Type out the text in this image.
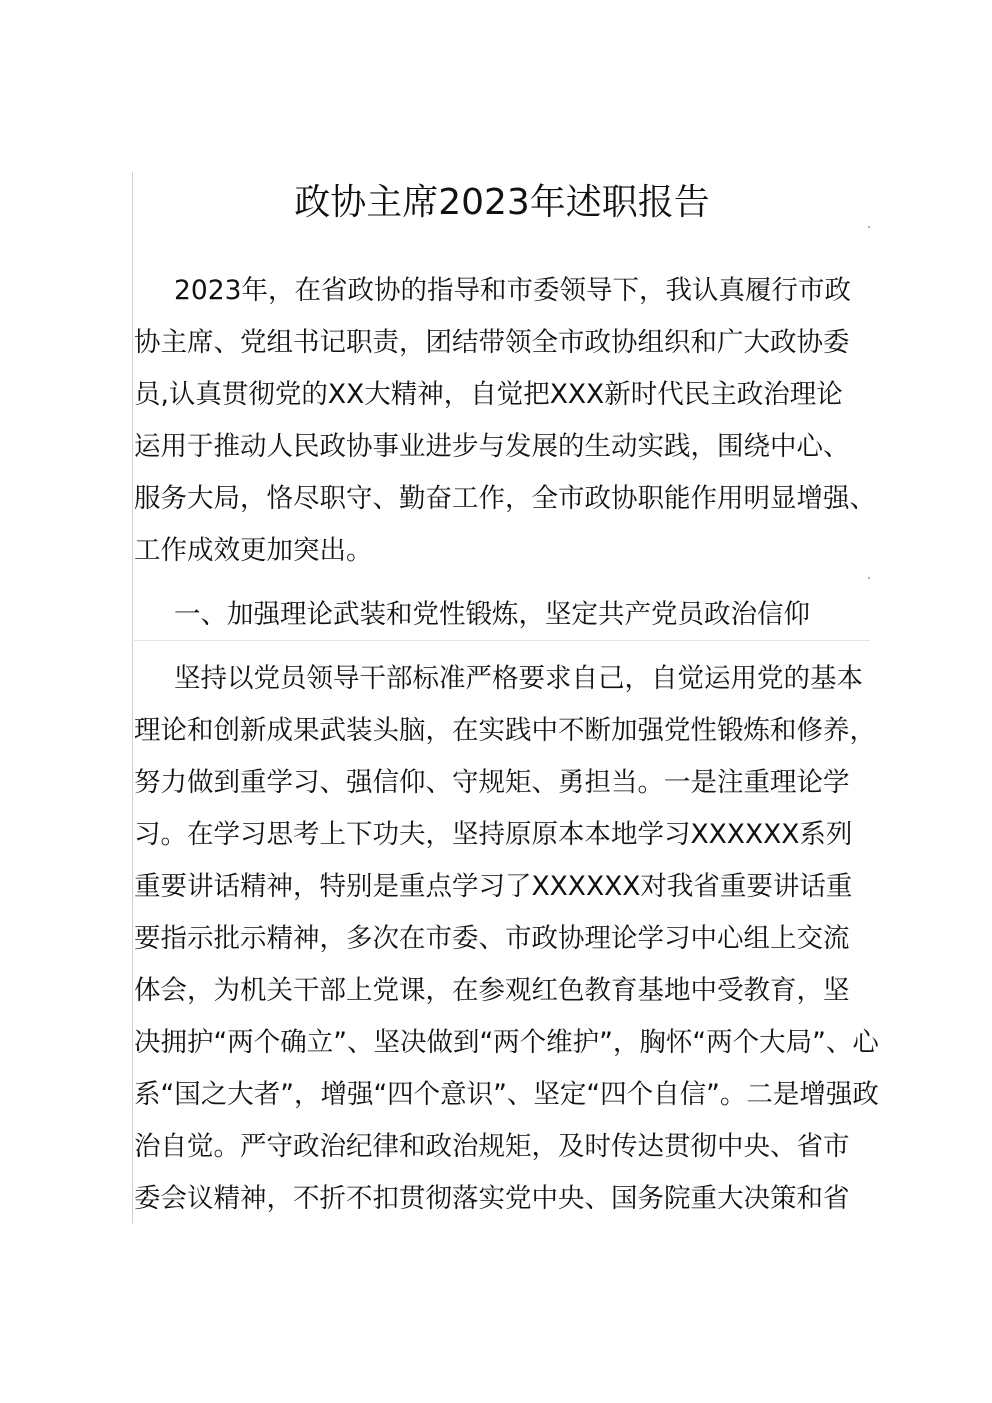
政协主席2023年述职报告
2023年，在省政协的指导和市委领导下，我认真履行市政
协主席、党组书记职责，团结带领全市政协组织和广大政协委
员,认真贯彻党的XX大精神，自觉把XXX新时代民主政治理论
运用于推动人民政协事业进步与发展的生动实践，围绕中心、
服务大局，恪尽职守、勤奋工作，全市政协职能作用明显增强、
工作成效更加突出。
一、加强理论武装和党性锻炼，坚定共产党员政治信仰
坚持以党员领导干部标准严格要求自己，自觉运用党的基本
理论和创新成果武装头脑，在实践中不断加强党性锻炼和修养，
努力做到重学习、强信仰、守规矩、勇担当。一是注重理论学
习。在学习思考上下功夫，坚持原原本本地学习XXXXXX系列
重要讲话精神，特别是重点学习了XXXXXX对我省重要讲话重
要指示批示精神，多次在市委、市政协理论学习中心组上交流
体会，为机关干部上党课，在参观红色教育基地中受教育，坚
决拥护“两个确立”、坚决做到“两个维护”，胸怀“两个大局”、心
系“国之大者”，增强“四个意识”、坚定“四个自信”。二是增强政
治自觉。严守政治纪律和政治规矩，及时传达贯彻中央、省市
委会议精神，不折不扣贯彻落实党中央、国务院重大决策和省
